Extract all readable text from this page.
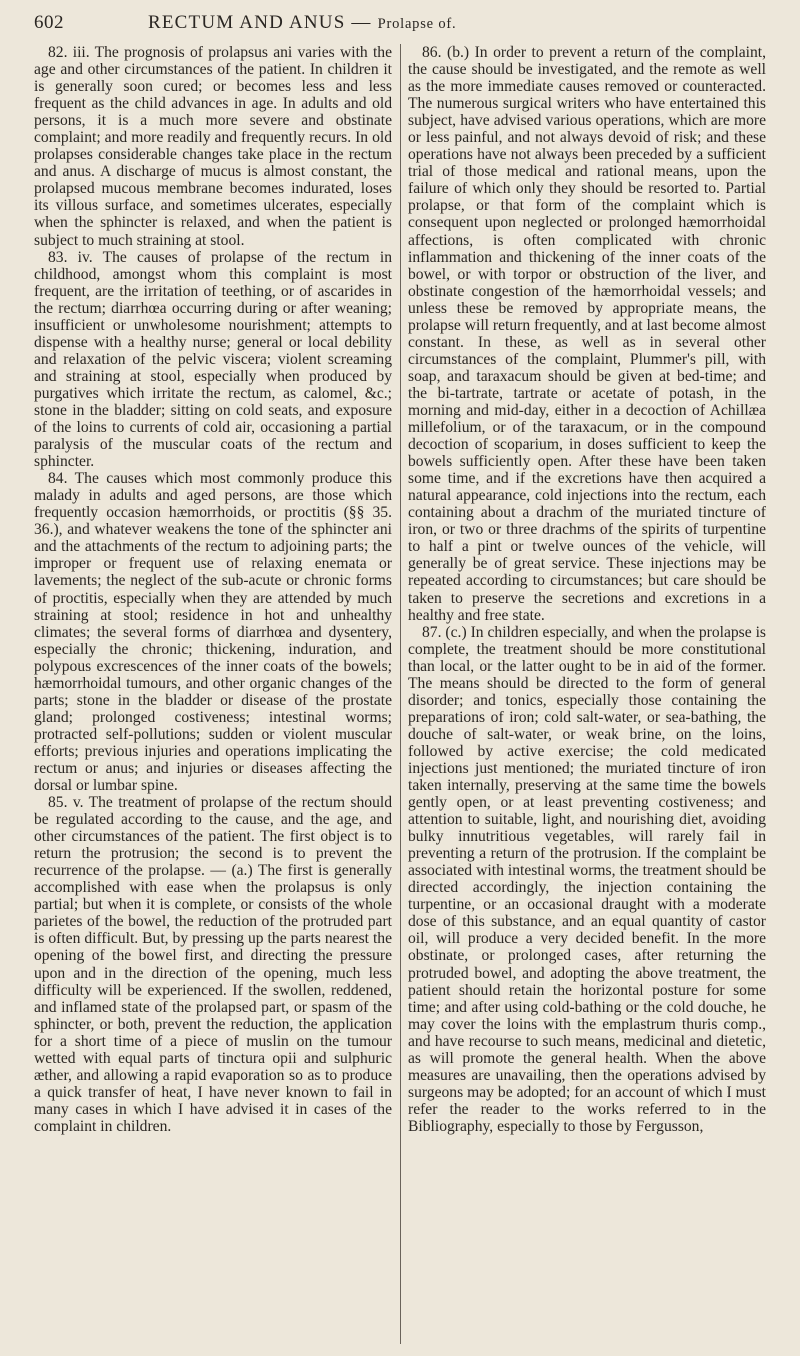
602	RECTUM AND ANUS — Prolapse of.

82. iii. The prognosis of prolapsus ani varies with the age and other circumstances of the patient. In children it is generally soon cured; or becomes less and less frequent as the child advances in age. In adults and old persons, it is a much more severe and obstinate complaint; and more readily and frequently recurs. In old prolapses considerable changes take place in the rectum and anus. A discharge of mucus is almost constant, the prolapsed mucous membrane becomes indurated, loses its villous surface, and sometimes ulcerates, especially when the sphincter is relaxed, and when the patient is subject to much straining at stool.

83. iv. The causes of prolapse of the rectum in childhood, amongst whom this complaint is most frequent, are the irritation of teething, or of ascarides in the rectum; diarrhœa occurring during or after weaning; insufficient or unwholesome nourishment; attempts to dispense with a healthy nurse; general or local debility and relaxation of the pelvic viscera; violent screaming and straining at stool, especially when produced by purgatives which irritate the rectum, as calomel, &c.; stone in the bladder; sitting on cold seats, and exposure of the loins to currents of cold air, occasioning a partial paralysis of the muscular coats of the rectum and sphincter.

84. The causes which most commonly produce this malady in adults and aged persons, are those which frequently occasion hæmorrhoids, or proctitis (§§ 35. 36.), and whatever weakens the tone of the sphincter ani and the attachments of the rectum to adjoining parts; the improper or frequent use of relaxing enemata or lavements; the neglect of the sub-acute or chronic forms of proctitis, especially when they are attended by much straining at stool; residence in hot and unhealthy climates; the several forms of diarrhœa and dysentery, especially the chronic; thickening, induration, and polypous excrescences of the inner coats of the bowels; hæmorrhoidal tumours, and other organic changes of the parts; stone in the bladder or disease of the prostate gland; prolonged costiveness; intestinal worms; protracted self-pollutions; sudden or violent muscular efforts; previous injuries and operations implicating the rectum or anus; and injuries or diseases affecting the dorsal or lumbar spine.

85. v. The treatment of prolapse of the rectum should be regulated according to the cause, and the age, and other circumstances of the patient. The first object is to return the protrusion; the second is to prevent the recurrence of the prolapse. — (a.) The first is generally accomplished with ease when the prolapsus is only partial; but when it is complete, or consists of the whole parietes of the bowel, the reduction of the protruded part is often difficult. But, by pressing up the parts nearest the opening of the bowel first, and directing the pressure upon and in the direction of the opening, much less difficulty will be experienced. If the swollen, reddened, and inflamed state of the prolapsed part, or spasm of the sphincter, or both, prevent the reduction, the application for a short time of a piece of muslin on the tumour wetted with equal parts of tinctura opii and sulphuric æther, and allowing a rapid evaporation so as to produce a quick transfer of heat, I have never known to fail in many cases in which I have advised it in cases of the complaint in children.

86. (b.) In order to prevent a return of the complaint, the cause should be investigated, and the remote as well as the more immediate causes removed or counteracted. The numerous surgical writers who have entertained this subject, have advised various operations, which are more or less painful, and not always devoid of risk; and these operations have not always been preceded by a sufficient trial of those medical and rational means, upon the failure of which only they should be resorted to. Partial prolapse, or that form of the complaint which is consequent upon neglected or prolonged hæmorrhoidal affections, is often complicated with chronic inflammation and thickening of the inner coats of the bowel, or with torpor or obstruction of the liver, and obstinate congestion of the hæmorrhoidal vessels; and unless these be removed by appropriate means, the prolapse will return frequently, and at last become almost constant. In these, as well as in several other circumstances of the complaint, Plummer's pill, with soap, and taraxacum should be given at bed-time; and the bi-tartrate, tartrate or acetate of potash, in the morning and mid-day, either in a decoction of Achillæa millefolium, or of the taraxacum, or in the compound decoction of scoparium, in doses sufficient to keep the bowels sufficiently open. After these have been taken some time, and if the excretions have then acquired a natural appearance, cold injections into the rectum, each containing about a drachm of the muriated tincture of iron, or two or three drachms of the spirits of turpentine to half a pint or twelve ounces of the vehicle, will generally be of great service. These injections may be repeated according to circumstances; but care should be taken to preserve the secretions and excretions in a healthy and free state.

87. (c.) In children especially, and when the prolapse is complete, the treatment should be more constitutional than local, or the latter ought to be in aid of the former. The means should be directed to the form of general disorder; and tonics, especially those containing the preparations of iron; cold salt-water, or sea-bathing, the douche of salt-water, or weak brine, on the loins, followed by active exercise; the cold medicated injections just mentioned; the muriated tincture of iron taken internally, preserving at the same time the bowels gently open, or at least preventing costiveness; and attention to suitable, light, and nourishing diet, avoiding bulky innutritious vegetables, will rarely fail in preventing a return of the protrusion. If the complaint be associated with intestinal worms, the treatment should be directed accordingly, the injection containing the turpentine, or an occasional draught with a moderate dose of this substance, and an equal quantity of castor oil, will produce a very decided benefit. In the more obstinate, or prolonged cases, after returning the protruded bowel, and adopting the above treatment, the patient should retain the horizontal posture for some time; and after using cold-bathing or the cold douche, he may cover the loins with the emplastrum thuris comp., and have recourse to such means, medicinal and dietetic, as will promote the general health. When the above measures are unavailing, then the operations advised by surgeons may be adopted; for an account of which I must refer the reader to the works referred to in the Bibliography, especially to those by Fergusson,
